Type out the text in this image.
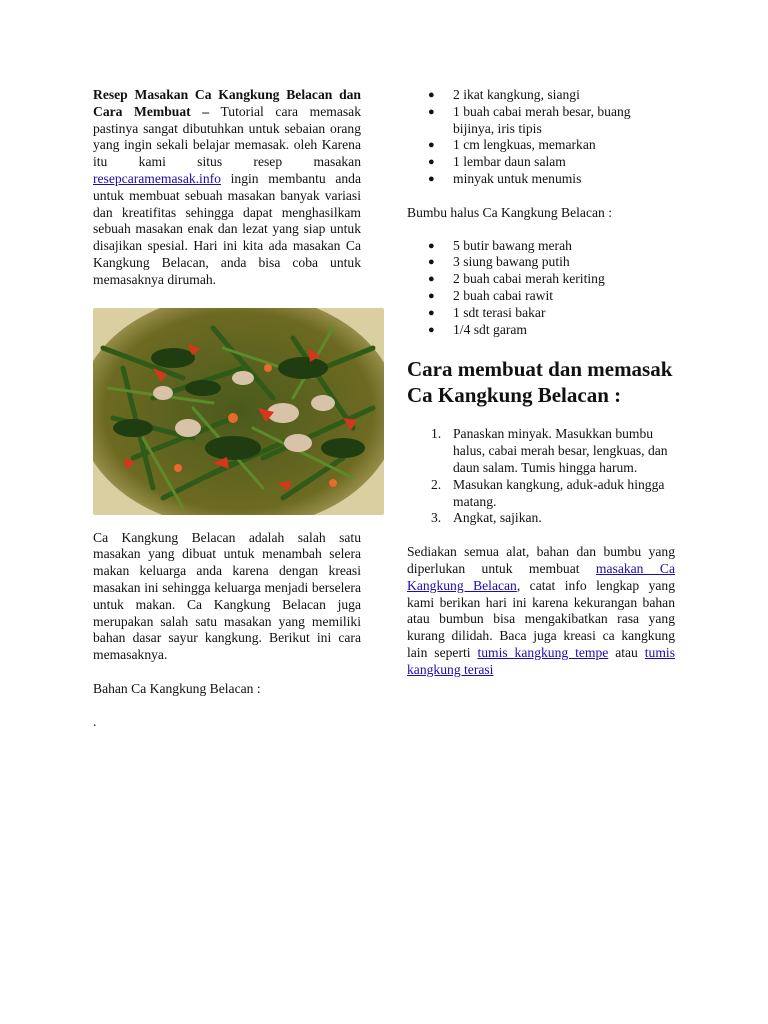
Resep Masakan Ca Kangkung Belacan dan Cara Membuat – Tutorial cara memasak pastinya sangat dibutuhkan untuk sebaian orang yang ingin sekali belajar memasak. oleh Karena itu kami situs resep masakan resepcaramemasak.info ingin membantu anda untuk membuat sebuah masakan banyak variasi dan kreatifitas sehingga dapat menghasilkam sebuah masakan enak dan lezat yang siap untuk disajikan spesial. Hari ini kita ada masakan Ca Kangkung Belacan, anda bisa coba untuk memasaknya dirumah.

Ca Kangkung Belacan adalah salah satu masakan yang dibuat untuk menambah selera makan keluarga anda karena dengan kreasi masakan ini sehingga keluarga menjadi berselera untuk makan. Ca Kangkung Belacan juga merupakan salah satu masakan yang memiliki bahan dasar sayur kangkung. Berikut ini cara memasaknya.

Bahan Ca Kangkung Belacan :

.
● 2 ikat kangkung, siangi
● 1 buah cabai merah besar, buang bijinya, iris tipis
● 1 cm lengkuas, memarkan
● 1 lembar daun salam
● minyak untuk menumis

Bumbu halus Ca Kangkung Belacan :

● 5 butir bawang merah
● 3 siung bawang putih
● 2 buah cabai merah keriting
● 2 buah cabai rawit
● 1 sdt terasi bakar
● 1/4 sdt garam
Cara membuat dan memasak Ca Kangkung Belacan :
1. Panaskan minyak. Masukkan bumbu halus, cabai merah besar, lengkuas, dan daun salam. Tumis hingga harum.
2. Masukan kangkung, aduk-aduk hingga matang.
3. Angkat, sajikan.

Sediakan semua alat, bahan dan bumbu yang diperlukan untuk membuat masakan Ca Kangkung Belacan, catat info lengkap yang kami berikan hari ini karena kekurangan bahan atau bumbun bisa mengakibatkan rasa yang kurang dilidah. Baca juga kreasi ca kangkung lain seperti tumis kangkung tempe atau tumis kangkung terasi
